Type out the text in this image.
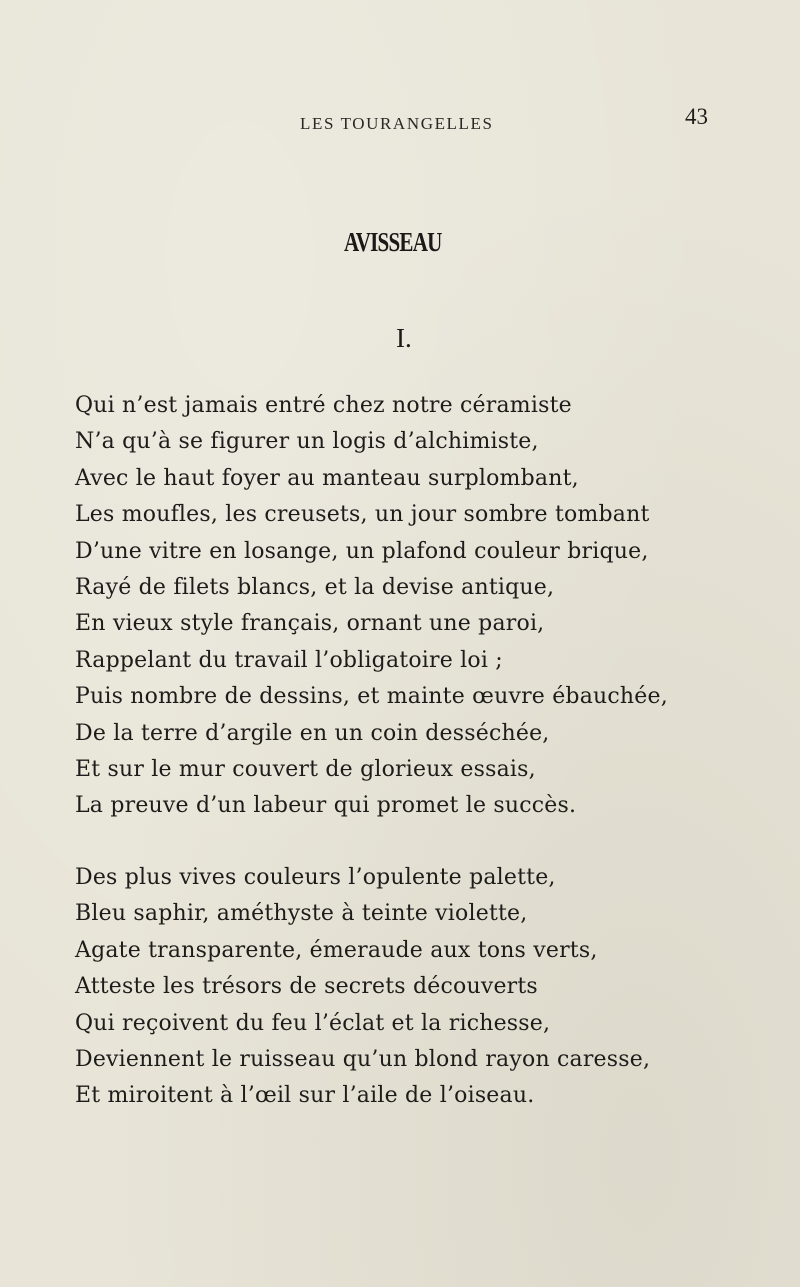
LES TOURANGELLES	43
AVISSEAU
I.
Qui n’est jamais entré chez notre céramiste
N’a qu’à se figurer un logis d’alchimiste,
Avec le haut foyer au manteau surplombant,
Les moufles, les creusets, un jour sombre tombant
D’une vitre en losange, un plafond couleur brique,
Rayé de filets blancs, et la devise antique,
En vieux style français, ornant une paroi,
Rappelant du travail l’obligatoire loi ;
Puis nombre de dessins, et mainte œuvre ébauchée,
De la terre d’argile en un coin desséchée,
Et sur le mur couvert de glorieux essais,
La preuve d’un labeur qui promet le succès.
Des plus vives couleurs l’opulente palette,
Bleu saphir, améthyste à teinte violette,
Agate transparente, émeraude aux tons verts,
Atteste les trésors de secrets découverts
Qui reçoivent du feu l’éclat et la richesse,
Deviennent le ruisseau qu’un blond rayon caresse,
Et miroitent à l’œil sur l’aile de l’oiseau.
